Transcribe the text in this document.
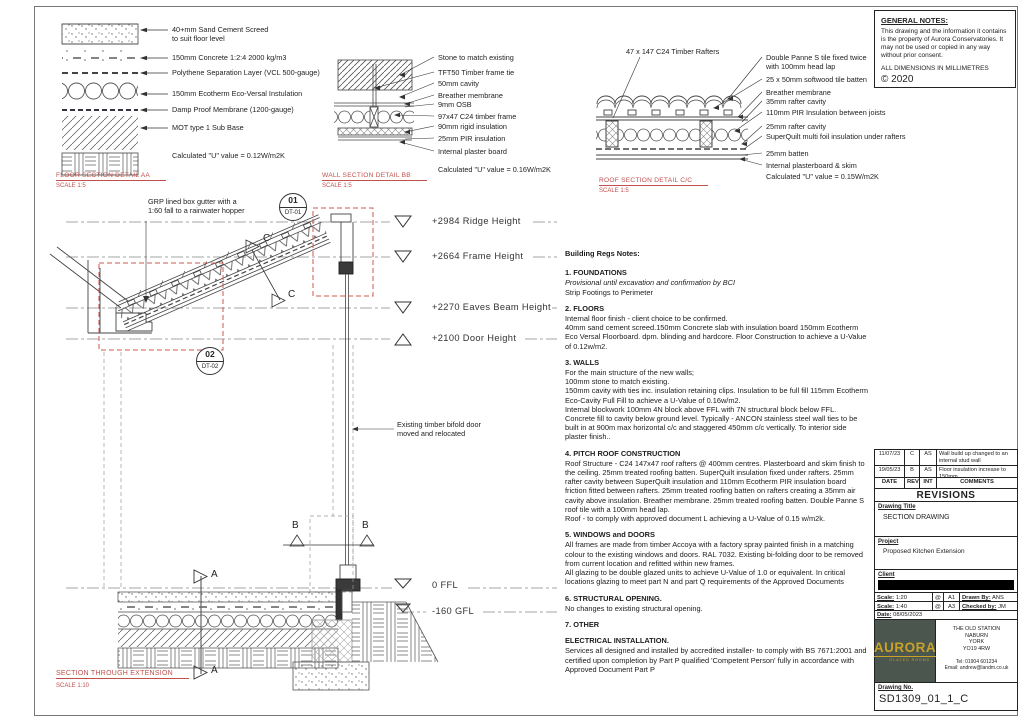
40+mm Sand Cement Screed
to suit floor level
150mm Concrete 1:2:4 2000 kg/m3
Polythene Separation Layer (VCL 500-gauge)
150mm Ecotherm Eco-Versal Instulation
Damp Proof Membrane (1200-gauge)
MOT type 1 Sub Base
Calculated "U" value = 0.12W/m2K
FLOOR SECTION DETAIL AA
SCALE 1:5
Stone to match existing
TFT50 Timber frame tie
50mm cavity
Breather membrane
9mm OSB
97x47 C24 timber frame
90mm rigid insulation
25mm PIR insulation
Internal plaster board
Calculated "U" value = 0.16W/m2K
WALL SECTION DETAIL BB
SCALE 1:5
47 x 147 C24 Timber Rafters
Double Panne S tile fixed twice
with 100mm head lap
25 x 50mm softwood tile batten
Breather membrane
35mm rafter cavity
110mm PIR Insulation between joists
25mm rafter cavity
SuperQuilt multi foil insulation under rafters
25mm batten
Internal plasterboard & skim
Calculated "U" value = 0.15W/m2K
ROOF SECTION DETAIL C/C
SCALE 1:5
GENERAL NOTES:

This drawing and the information it contains is the property of Aurora Conservatories. It may not be used or copied in any way without prior consent.

ALL DIMENSIONS IN MILLIMETRES

© 2020

+2984 Ridge Height
+2664 Frame Height
+2270 Eaves Beam Height
+2100 Door Height
0 FFL
-160 GFL
GRP lined box gutter with a
1:60 fall to a rainwater hopper
Existing timber bifold door
moved and relocated
01
DT-01
02
DT-02
C
C
B	B
A
A
SECTION THROUGH EXTENSION
SCALE 1:10
Building Regs Notes:
1. FOUNDATIONS

Provisional until excavation and confirmation by BCI

Strip Footings to Perimeter

2. FLOORS

Internal floor finish - client choice to be confirmed.

40mm sand cement screed.150mm Concrete slab with insulation board 150mm Ecotherm Eco Versal Floorboard. dpm. blinding and hardcore. Floor Construction to achieve a U-Value of 0.12w/m2.

3. WALLS

For the main structure of the new walls;

100mm stone to match existing.

150mm cavity with ties inc. insulation retaining clips. Insulation to be full fill 115mm Ecotherm Eco-Cavity Full Fill to achieve a U-Value of 0.16w/m2.

Internal blockwork 100mm 4N block above FFL with 7N structural block below FFL. Concrete fill to cavity below ground level. Typically - ANCON stainless steel wall ties to be built in at 900m max horizontal c/c and staggered 450mm c/c vertically. To interior side plaster finish..

4. PITCH ROOF CONSTRUCTION

Roof Structure - C24 147x47 roof rafters @ 400mm centres. Plasterboard and skim finish to the ceiling. 25mm treated roofing batten. SuperQuilt insulation fixed under rafters. 25mm rafter cavity between SuperQuilt insulation and 110mm Ecotherm PIR insulation board friction fitted between rafters. 25mm treated roofing batten on rafters creating a 35mm air cavity above insulation. Breather membrane. 25mm treated roofing batten. Double Panne S roof tile with a 100mm head lap.

Roof - to comply with approved document L achieving a U-Value of 0.15 w/m2k.

5. WINDOWS and DOORS

All frames are made from timber Accoya with a factory spray painted finish in a matching colour to the existing windows and doors. RAL 7032. Existing bi-folding door to be removed from current location and refitted within new frames.

All glazing to be double glazed units to achieve U-Value of 1.0 or equivalent. In critical locations glazing to meet part N and part Q requirements of the Approved Documents

6. STRUCTURAL OPENING.

No changes to existing structural opening.

7. OTHER
ELECTRICAL INSTALLATION.

Services all designed and installed by accredited installer- to comply with BS 7671:2001 and certified upon completion by Part P qualified 'Competent Person' fully in accordance with Approved Document Part P

11/07/23	C	AS	Wall build up changed to an internal stud wall
19/05/23	B	AS	Floor insulation increase to
DATE	REV INT	COMMENTS
REVISIONS
Drawing Title
SECTION DRAWING
Project
Proposed Kitchen Extension
Client
Scale: 1:20	@	A1	Drawn By: ANS
Scale: 1:40	@	A3	Checked by: JM
Date: 08/05/2023
AURORA
GLAZED ROOMS
THE OLD STATION
NABURN
YORK
YO19 4RW
Tel: 01904 601234
Email: andrew@landm.co.uk
Drawing No.
SD1309_01_1_C
